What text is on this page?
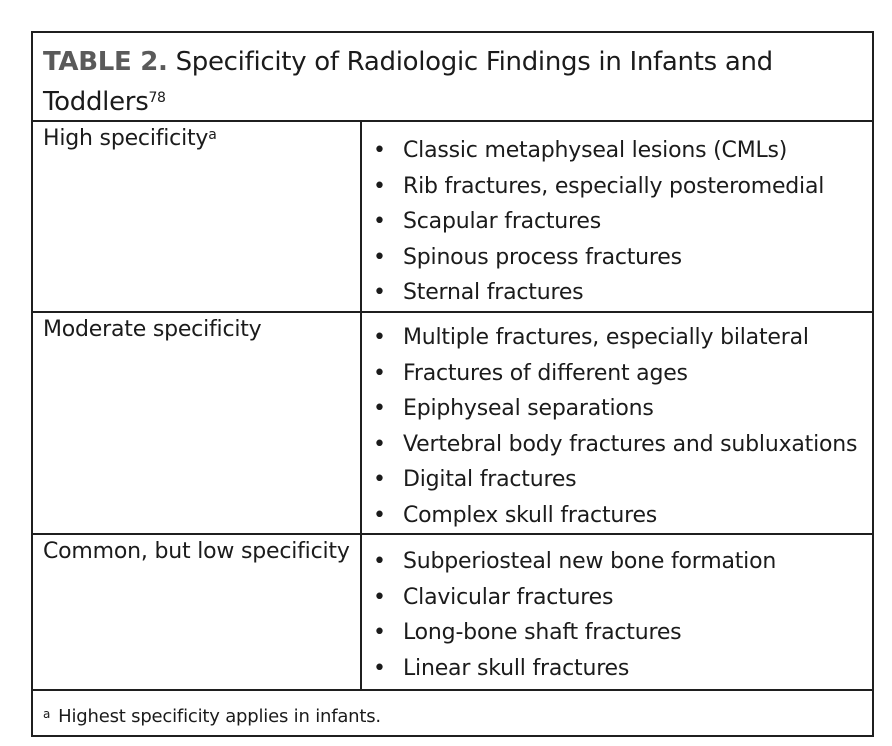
TABLE 2. Specificity of Radiologic Findings in Infants and
Toddlers$^{78}$
High specificity$^a$
• Classic metaphyseal lesions (CMLs)
• Rib fractures, especially posteromedial
• Scapular fractures
• Spinous process fractures
• Sternal fractures
Moderate specificity	• Multiple fractures, especially bilateral
• Fractures of different ages
• Epiphyseal separations
• Vertebral body fractures and subluxations
• Digital fractures
• Complex skull fractures
Common, but low specificity • Subperiosteal new bone formation
• Clavicular fractures
• Long-bone shaft fractures
• Linear skull fractures
$^a$ Highest specificity applies in infants.
